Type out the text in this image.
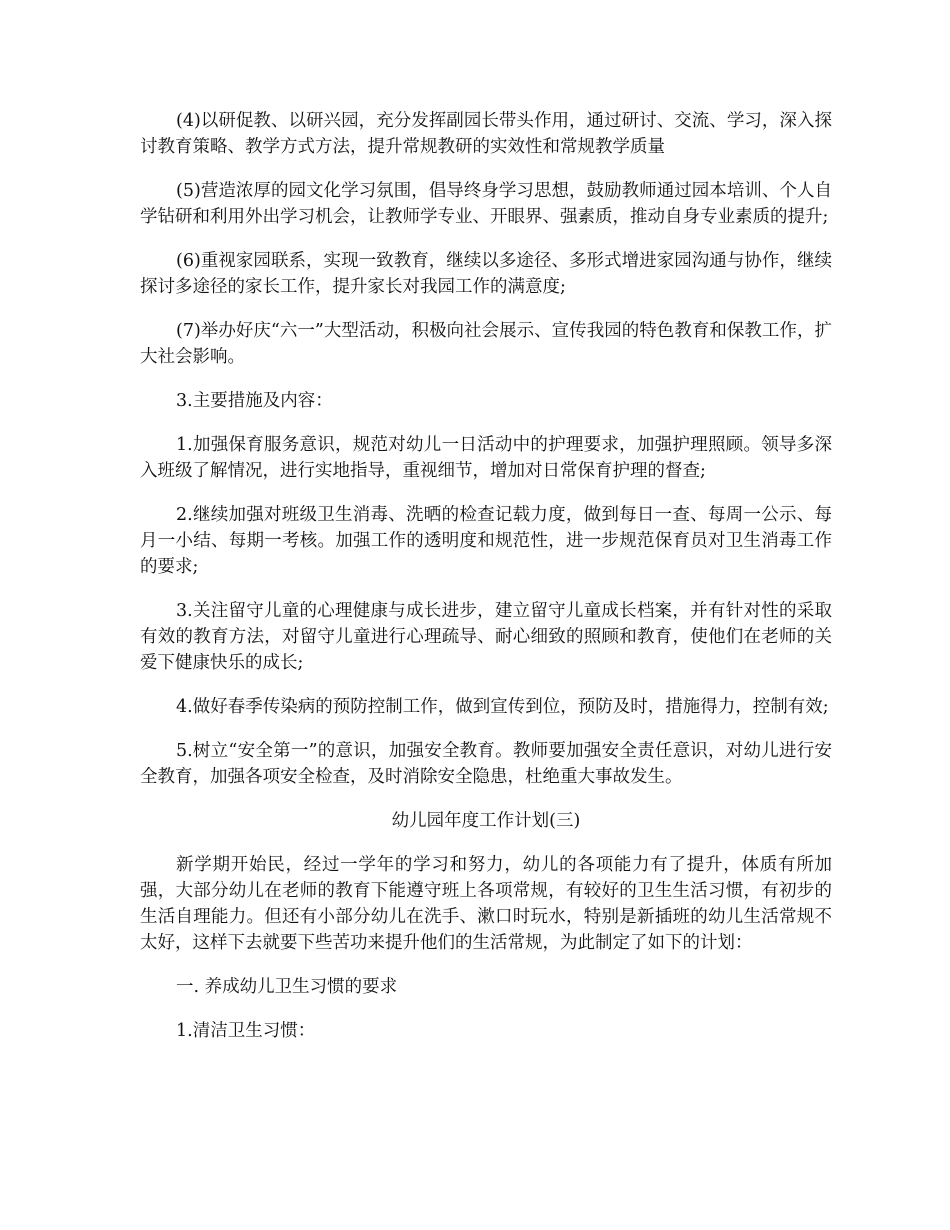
(4)以研促教、以研兴园，充分发挥副园长带头作用，通过研讨、交流、学习，深入探讨教育策略、教学方式方法，提升常规教研的实效性和常规教学质量

(5)营造浓厚的园文化学习氛围，倡导终身学习思想，鼓励教师通过园本培训、个人自学钻研和利用外出学习机会，让教师学专业、开眼界、强素质，推动自身专业素质的提升;

(6)重视家园联系，实现一致教育，继续以多途径、多形式增进家园沟通与协作，继续探讨多途径的家长工作，提升家长对我园工作的满意度;

(7)举办好庆“六一”大型活动，积极向社会展示、宣传我园的特色教育和保教工作，扩大社会影响。

3.主要措施及内容：

1.加强保育服务意识，规范对幼儿一日活动中的护理要求，加强护理照顾。领导多深入班级了解情况，进行实地指导，重视细节，增加对日常保育护理的督查;

2.继续加强对班级卫生消毒、洗晒的检查记载力度，做到每日一查、每周一公示、每月一小结、每期一考核。加强工作的透明度和规范性，进一步规范保育员对卫生消毒工作的要求;

3.关注留守儿童的心理健康与成长进步，建立留守儿童成长档案，并有针对性的采取有效的教育方法，对留守儿童进行心理疏导、耐心细致的照顾和教育，使他们在老师的关爱下健康快乐的成长;

4.做好春季传染病的预防控制工作，做到宣传到位，预防及时，措施得力，控制有效;

5.树立“安全第一”的意识，加强安全教育。教师要加强安全责任意识，对幼儿进行安全教育，加强各项安全检查，及时消除安全隐患，杜绝重大事故发生。

幼儿园年度工作计划(三)

新学期开始民，经过一学年的学习和努力，幼儿的各项能力有了提升，体质有所加强，大部分幼儿在老师的教育下能遵守班上各项常规，有较好的卫生生活习惯，有初步的生活自理能力。但还有小部分幼儿在洗手、漱口时玩水，特别是新插班的幼儿生活常规不太好，这样下去就要下些苦功来提升他们的生活常规，为此制定了如下的计划：

一. 养成幼儿卫生习惯的要求

1.清洁卫生习惯：
